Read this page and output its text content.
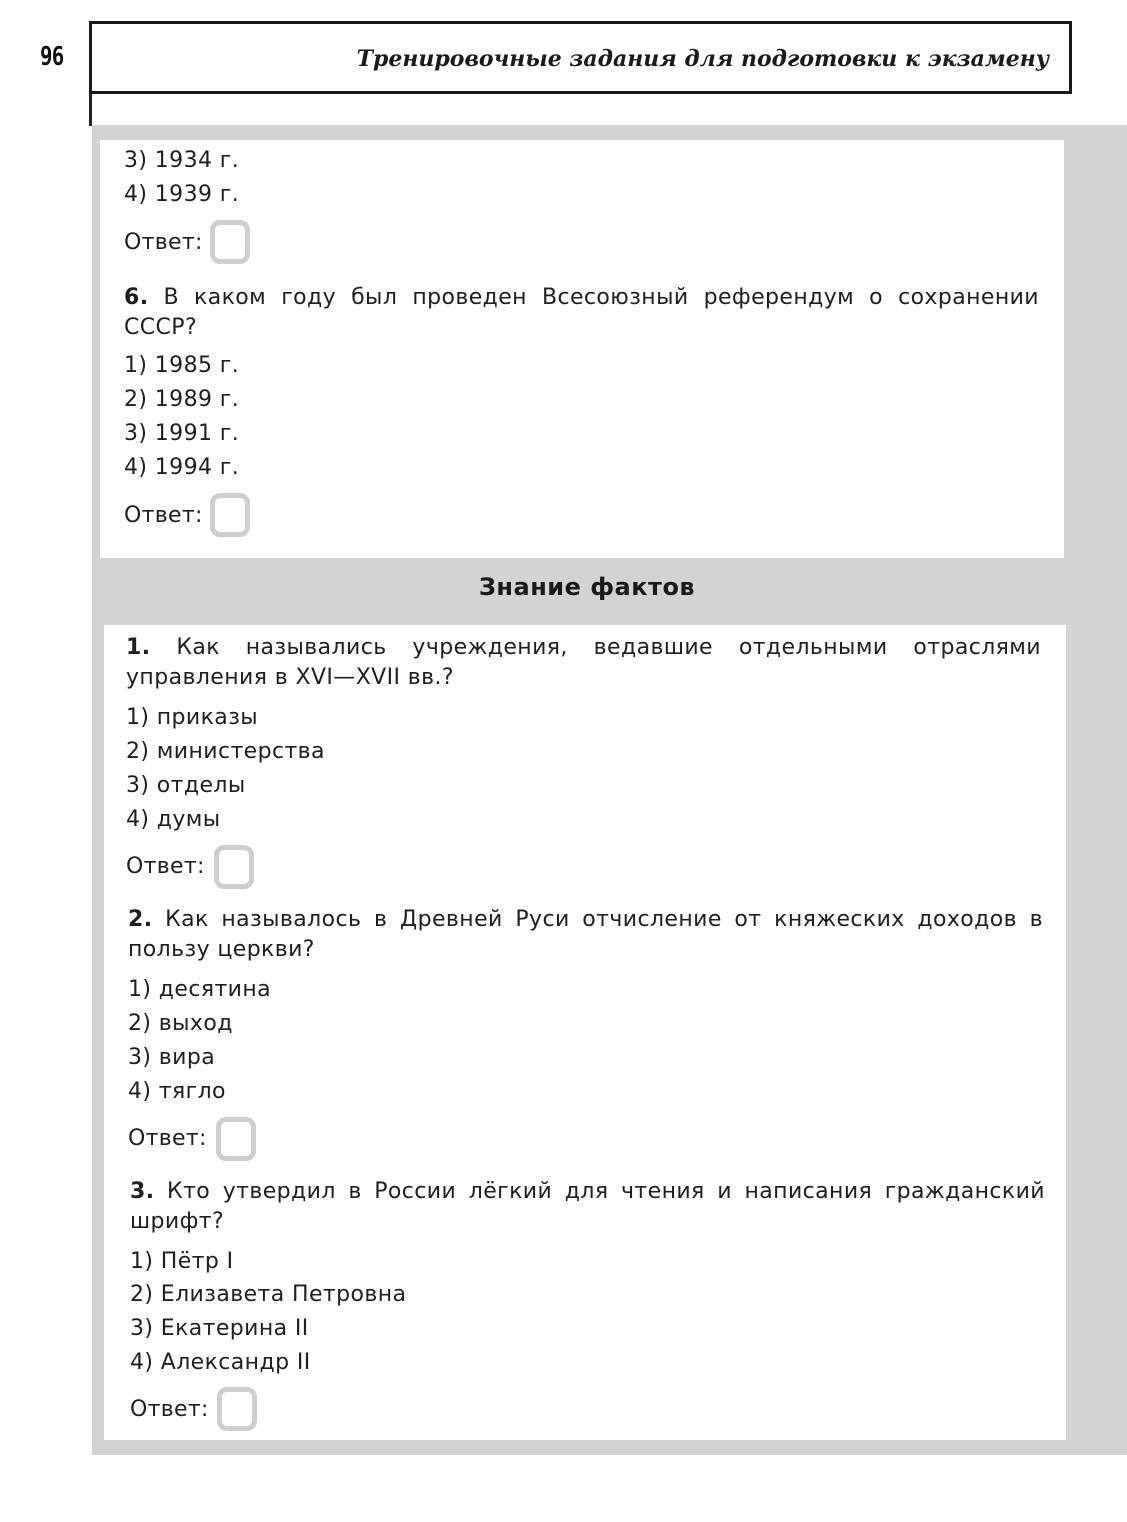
96	Тренировочные задания для подготовки к экзамену
3) 1934 г.
4) 1939 г.
Ответ:
6. В каком году был проведен Всесоюзный референдум о сохранении СССР?
1) 1985 г.
2) 1989 г.
3) 1991 г.
4) 1994 г.
Ответ:
Знание фактов
1. Как назывались учреждения, ведавшие отдельными отраслями управления в XVI—XVII вв.?
1) приказы
2) министерства
3) отделы
4) думы
Ответ:
2. Как называлось в Древней Руси отчисление от княжеских доходов в пользу церкви?
1) десятина
2) выход
3) вира
4) тягло
Ответ:
3. Кто утвердил в России лёгкий для чтения и написания гражданский шрифт?
1) Пётр I
2) Елизавета Петровна
3) Екатерина II
4) Александр II
Ответ:
